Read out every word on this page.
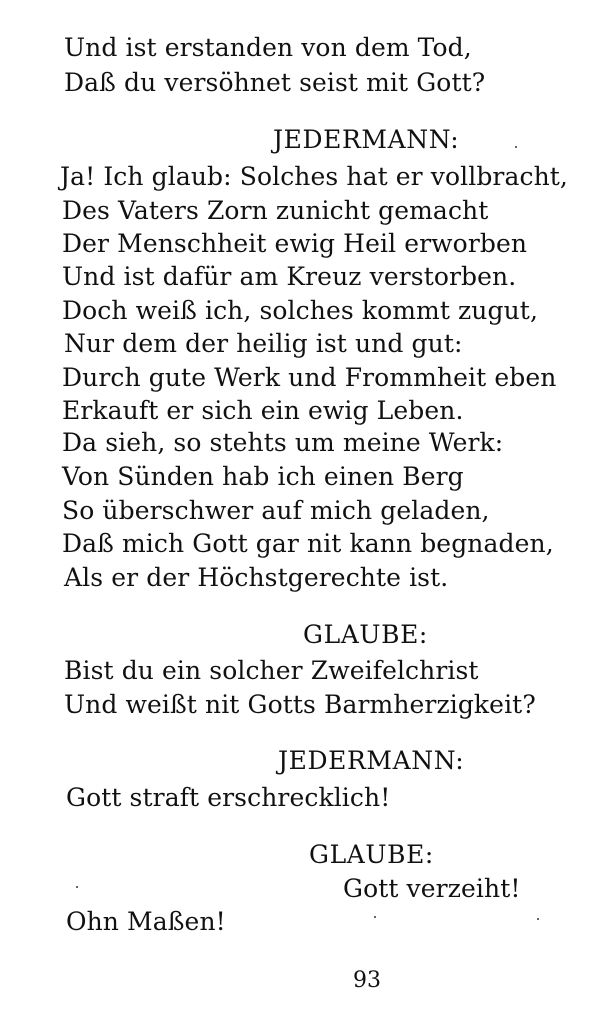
Und ist erstanden von dem Tod,
Daß du versöhnet seist mit Gott?
JEDERMANN:
Ja! Ich glaub: Solches hat er vollbracht,
Des Vaters Zorn zunicht gemacht
Der Menschheit ewig Heil erworben
Und ist dafür am Kreuz verstorben.
Doch weiß ich, solches kommt zugut,
Nur dem der heilig ist und gut:
Durch gute Werk und Frommheit eben
Erkauft er sich ein ewig Leben.
Da sieh, so stehts um meine Werk:
Von Sünden hab ich einen Berg
So überschwer auf mich geladen,
Daß mich Gott gar nit kann begnaden,
Als er der Höchstgerechte ist.
GLAUBE:
Bist du ein solcher Zweifelchrist
Und weißt nit Gotts Barmherzigkeit?
JEDERMANN:
Gott straft erschrecklich!
GLAUBE:
Gott verzeiht!
Ohn Maßen!
93
